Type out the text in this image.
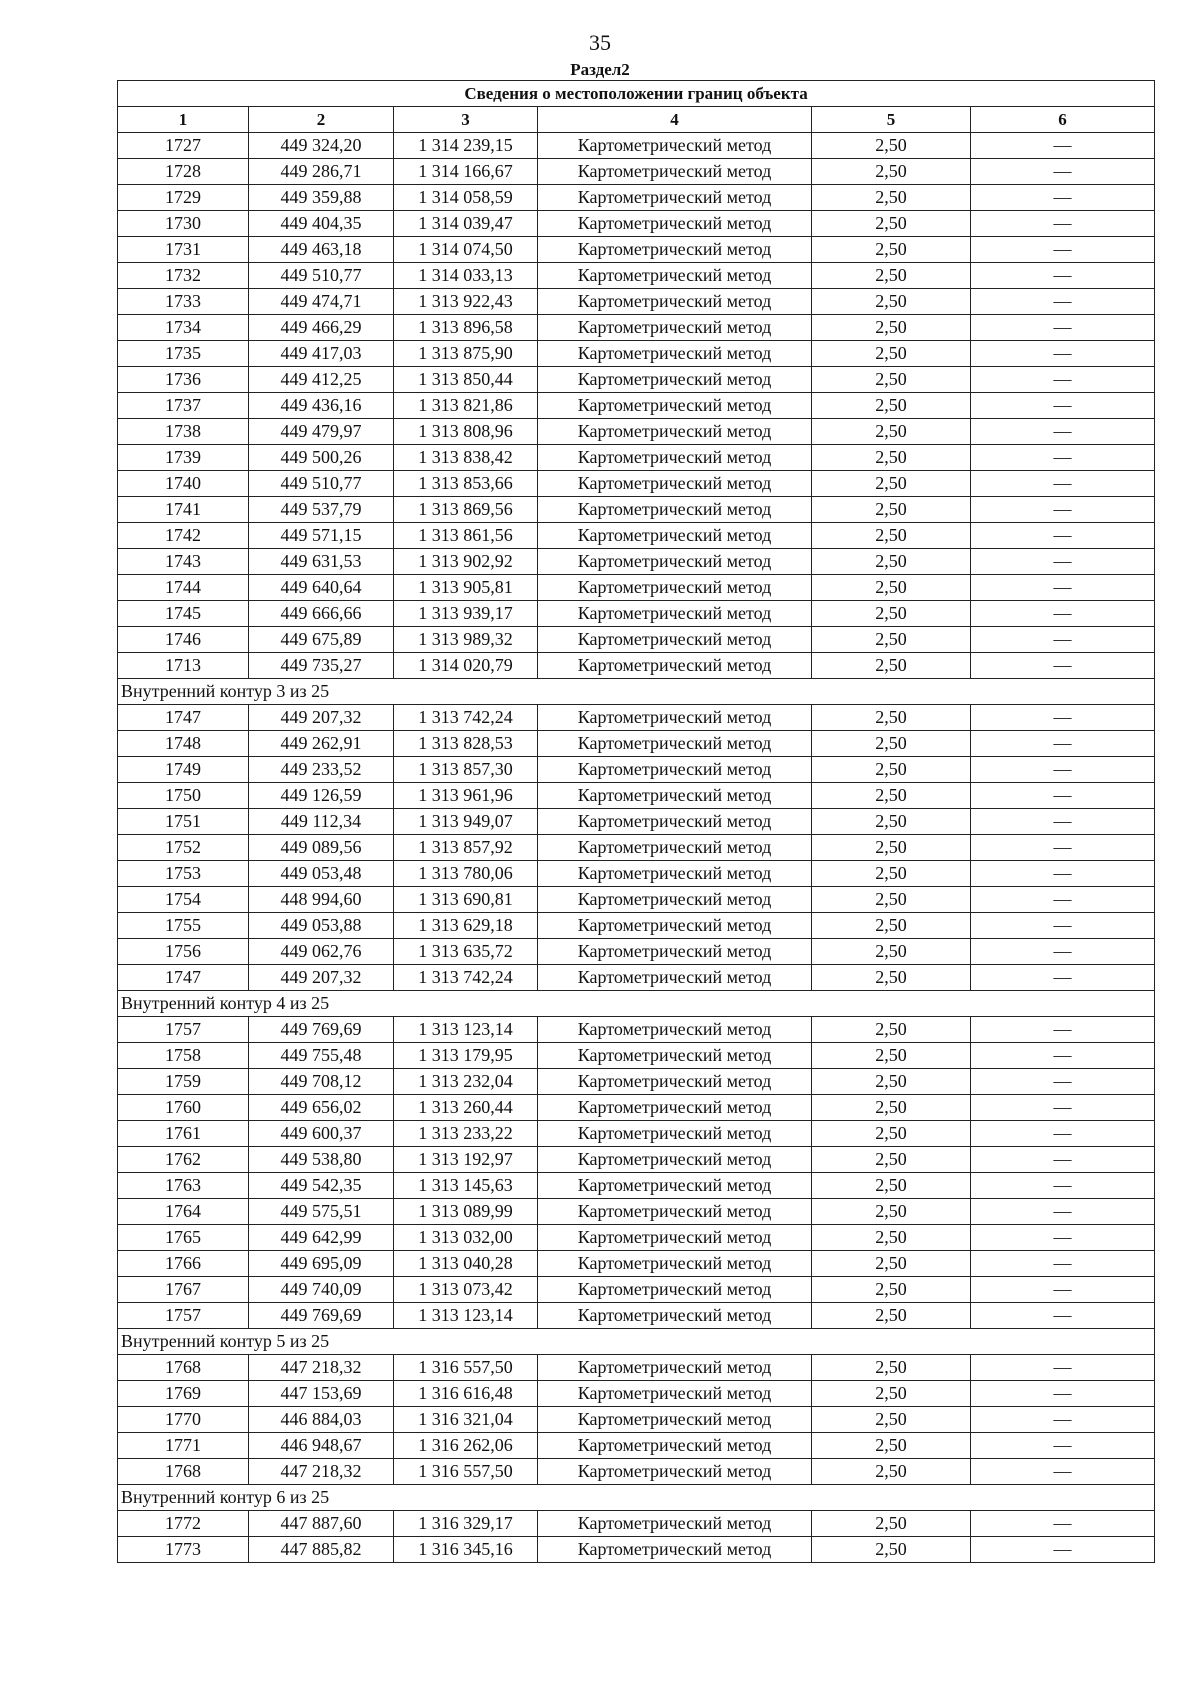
35
Раздел2
Сведения о местоположении границ объекта					
1	2	3	4	5	6
1727	449 324,20	1 314 239,15	Картометрический метод	2,50	—
1728	449 286,71	1 314 166,67	Картометрический метод	2,50	—
1729	449 359,88	1 314 058,59	Картометрический метод	2,50	—
1730	449 404,35	1 314 039,47	Картометрический метод	2,50	—
1731	449 463,18	1 314 074,50	Картометрический метод	2,50	—
1732	449 510,77	1 314 033,13	Картометрический метод	2,50	—
1733	449 474,71	1 313 922,43	Картометрический метод	2,50	—
1734	449 466,29	1 313 896,58	Картометрический метод	2,50	—
1735	449 417,03	1 313 875,90	Картометрический метод	2,50	—
1736	449 412,25	1 313 850,44	Картометрический метод	2,50	—
1737	449 436,16	1 313 821,86	Картометрический метод	2,50	—
1738	449 479,97	1 313 808,96	Картометрический метод	2,50	—
1739	449 500,26	1 313 838,42	Картометрический метод	2,50	—
1740	449 510,77	1 313 853,66	Картометрический метод	2,50	—
1741	449 537,79	1 313 869,56	Картометрический метод	2,50	—
1742	449 571,15	1 313 861,56	Картометрический метод	2,50	—
1743	449 631,53	1 313 902,92	Картометрический метод	2,50	—
1744	449 640,64	1 313 905,81	Картометрический метод	2,50	—
1745	449 666,66	1 313 939,17	Картометрический метод	2,50	—
1746	449 675,89	1 313 989,32	Картометрический метод	2,50	—
1713	449 735,27	1 314 020,79	Картометрический метод	2,50	—
Внутренний контур 3 из 25					
1747	449 207,32	1 313 742,24	Картометрический метод	2,50	—
1748	449 262,91	1 313 828,53	Картометрический метод	2,50	—
1749	449 233,52	1 313 857,30	Картометрический метод	2,50	—
1750	449 126,59	1 313 961,96	Картометрический метод	2,50	—
1751	449 112,34	1 313 949,07	Картометрический метод	2,50	—
1752	449 089,56	1 313 857,92	Картометрический метод	2,50	—
1753	449 053,48	1 313 780,06	Картометрический метод	2,50	—
1754	448 994,60	1 313 690,81	Картометрический метод	2,50	—
1755	449 053,88	1 313 629,18	Картометрический метод	2,50	—
1756	449 062,76	1 313 635,72	Картометрический метод	2,50	—
1747	449 207,32	1 313 742,24	Картометрический метод	2,50	—
Внутренний контур 4 из 25					
1757	449 769,69	1 313 123,14	Картометрический метод	2,50	—
1758	449 755,48	1 313 179,95	Картометрический метод	2,50	—
1759	449 708,12	1 313 232,04	Картометрический метод	2,50	—
1760	449 656,02	1 313 260,44	Картометрический метод	2,50	—
1761	449 600,37	1 313 233,22	Картометрический метод	2,50	—
1762	449 538,80	1 313 192,97	Картометрический метод	2,50	—
1763	449 542,35	1 313 145,63	Картометрический метод	2,50	—
1764	449 575,51	1 313 089,99	Картометрический метод	2,50	—
1765	449 642,99	1 313 032,00	Картометрический метод	2,50	—
1766	449 695,09	1 313 040,28	Картометрический метод	2,50	—
1767	449 740,09	1 313 073,42	Картометрический метод	2,50	—
1757	449 769,69	1 313 123,14	Картометрический метод	2,50	—
Внутренний контур 5 из 25					
1768	447 218,32	1 316 557,50	Картометрический метод	2,50	—
1769	447 153,69	1 316 616,48	Картометрический метод	2,50	—
1770	446 884,03	1 316 321,04	Картометрический метод	2,50	—
1771	446 948,67	1 316 262,06	Картометрический метод	2,50	—
1768	447 218,32	1 316 557,50	Картометрический метод	2,50	—
Внутренний контур 6 из 25					
1772	447 887,60	1 316 329,17	Картометрический метод	2,50	—
1773	447 885,82	1 316 345,16	Картометрический метод	2,50	—
